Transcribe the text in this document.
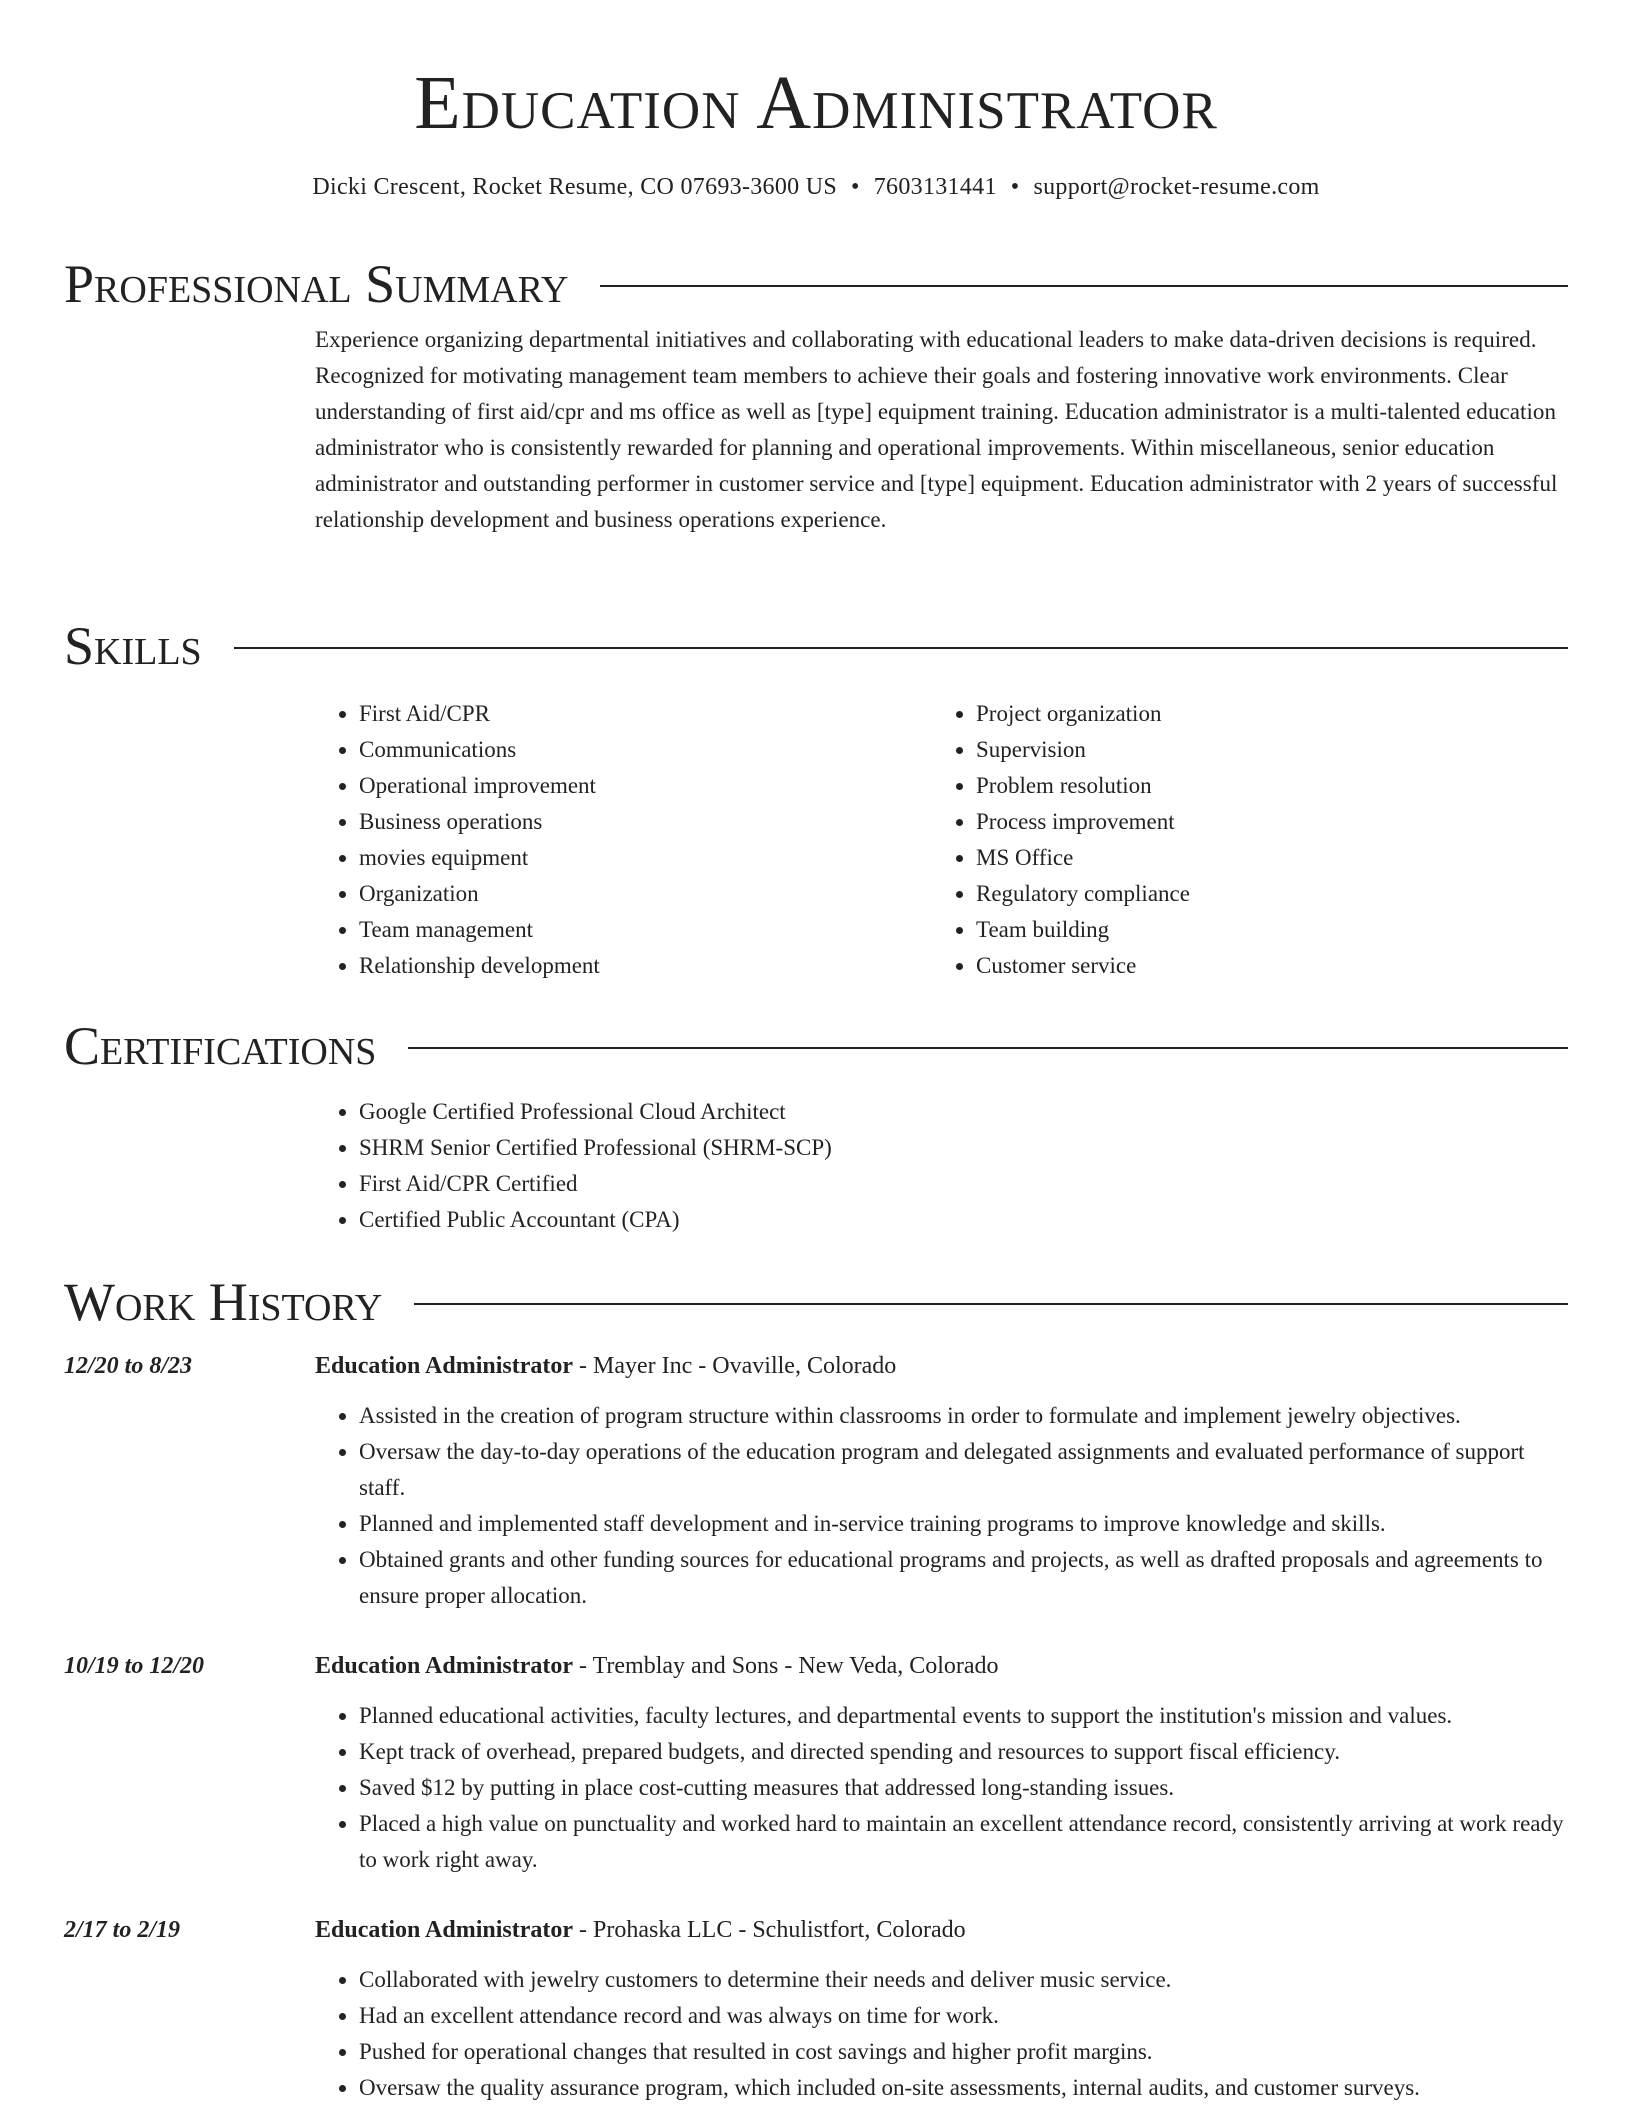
Education Administrator
Dicki Crescent, Rocket Resume, CO 07693-3600 US • 7603131441 • support@rocket-resume.com
Professional Summary

Experience organizing departmental initiatives and collaborating with educational leaders to make data-driven decisions is required. Recognized for motivating management team members to achieve their goals and fostering innovative work environments. Clear understanding of first aid/cpr and ms office as well as [type] equipment training. Education administrator is a multi-talented education administrator who is consistently rewarded for planning and operational improvements. Within miscellaneous, senior education administrator and outstanding performer in customer service and [type] equipment. Education administrator with 2 years of successful relationship development and business operations experience.

Skills
• First Aid/CPR
• Communications
• Operational improvement
• Business operations
• movies equipment
• Organization
• Team management
• Relationship development
• Project organization
• Supervision
• Problem resolution
• Process improvement
• MS Office
• Regulatory compliance
• Team building
• Customer service
Certifications
• Google Certified Professional Cloud Architect
• SHRM Senior Certified Professional (SHRM-SCP)
• First Aid/CPR Certified
• Certified Public Accountant (CPA)
Work History
12/20 to 8/23	Education Administrator - Mayer Inc - Ovaville, Colorado
• Assisted in the creation of program structure within classrooms in order to formulate and implement jewelry objectives.
• Oversaw the day-to-day operations of the education program and delegated assignments and evaluated performance of support staff.
• Planned and implemented staff development and in-service training programs to improve knowledge and skills.
• Obtained grants and other funding sources for educational programs and projects, as well as drafted proposals and agreements to ensure proper allocation.
10/19 to 12/20	Education Administrator - Tremblay and Sons - New Veda, Colorado
• Planned educational activities, faculty lectures, and departmental events to support the institution's mission and values.
• Kept track of overhead, prepared budgets, and directed spending and resources to support fiscal efficiency.
• Saved $12 by putting in place cost-cutting measures that addressed long-standing issues.
• Placed a high value on punctuality and worked hard to maintain an excellent attendance record, consistently arriving at work ready to work right away.
2/17 to 2/19	Education Administrator - Prohaska LLC - Schulistfort, Colorado
• Collaborated with jewelry customers to determine their needs and deliver music service.
• Had an excellent attendance record and was always on time for work.
• Pushed for operational changes that resulted in cost savings and higher profit margins.
• Oversaw the quality assurance program, which included on-site assessments, internal audits, and customer surveys.
